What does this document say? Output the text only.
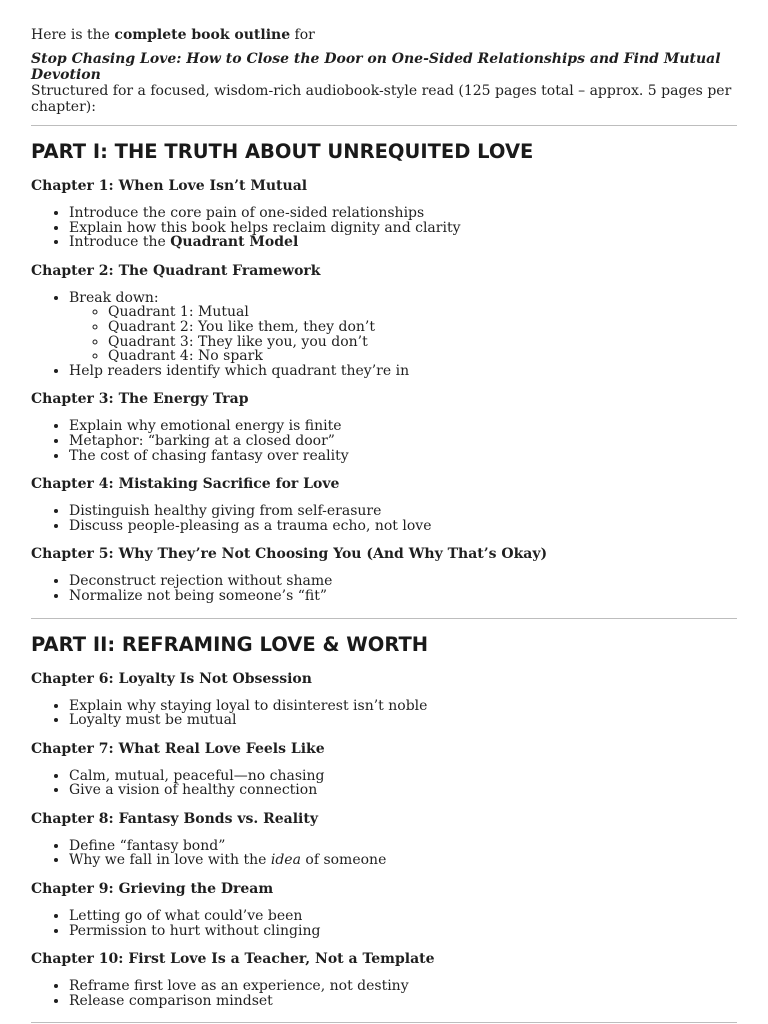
Here is the complete book outline for

Stop Chasing Love: How to Close the Door on One-Sided Relationships and Find Mutual Devotion

Structured for a focused, wisdom-rich audiobook-style read (125 pages total – approx. 5 pages per chapter):

PART I: THE TRUTH ABOUT UNREQUITED LOVE

Chapter 1: When Love Isn’t Mutual

• Introduce the core pain of one-sided relationships
• Explain how this book helps reclaim dignity and clarity
• Introduce the Quadrant Model

Chapter 2: The Quadrant Framework

• Break down:
◦ Quadrant 1: Mutual
◦ Quadrant 2: You like them, they don’t
◦ Quadrant 3: They like you, you don’t
◦ Quadrant 4: No spark
• Help readers identify which quadrant they’re in

Chapter 3: The Energy Trap

• Explain why emotional energy is finite
• Metaphor: “barking at a closed door”
• The cost of chasing fantasy over reality

Chapter 4: Mistaking Sacrifice for Love

• Distinguish healthy giving from self-erasure
• Discuss people-pleasing as a trauma echo, not love

Chapter 5: Why They’re Not Choosing You (And Why That’s Okay)

• Deconstruct rejection without shame
• Normalize not being someone’s “fit”
PART II: REFRAMING LOVE & WORTH

Chapter 6: Loyalty Is Not Obsession

• Explain why staying loyal to disinterest isn’t noble
• Loyalty must be mutual

Chapter 7: What Real Love Feels Like

• Calm, mutual, peaceful—no chasing
• Give a vision of healthy connection

Chapter 8: Fantasy Bonds vs. Reality

• Define “fantasy bond”
• Why we fall in love with the idea of someone

Chapter 9: Grieving the Dream

• Letting go of what could’ve been
• Permission to hurt without clinging

Chapter 10: First Love Is a Teacher, Not a Template

• Reframe first love as an experience, not destiny
• Release comparison mindset
